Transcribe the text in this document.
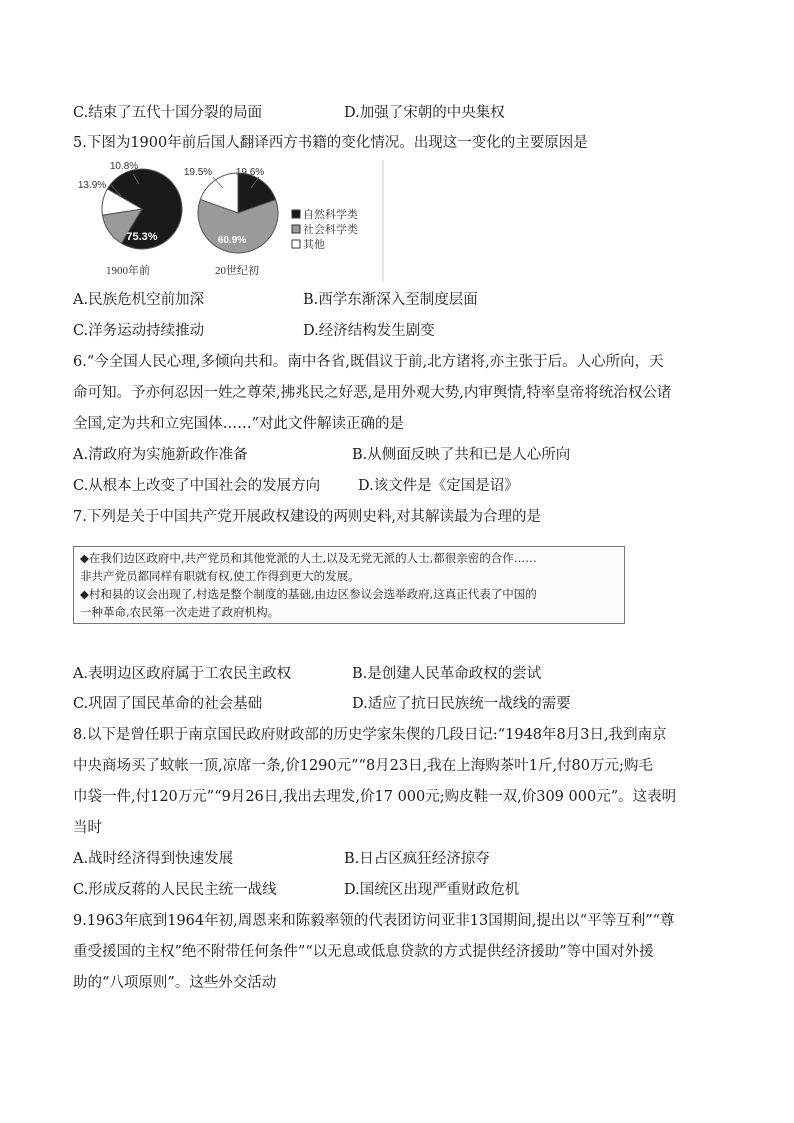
C.结束了五代十国分裂的局面	D.加强了宋朝的中央集权
5.下图为1900年前后国人翻译西方书籍的变化情况。出现这一变化的主要原因是
75.3%
13.9%
10.8%
19.6%
60.9%
19.5%
1900年前	20世纪初
自然科学类
社会科学类
其他
A.民族危机空前加深	B.西学东渐深入至制度层面
C.洋务运动持续推动	D.经济结构发生剧变
6.“今全国人民心理,多倾向共和。南中各省,既倡议于前,北方诸将,亦主张于后。人心所向，天
命可知。予亦何忍因一姓之尊荣,拂兆民之好恶,是用外观大势,内审舆情,特率皇帝将统治权公诸
全国,定为共和立宪国体……”对此文件解读正确的是
A.清政府为实施新政作准备	B.从侧面反映了共和已是人心所向
C.从根本上改变了中国社会的发展方向	D.该文件是《定国是诏》
7.下列是关于中国共产党开展政权建设的两则史料,对其解读最为合理的是
◆在我们边区政府中,共产党员和其他党派的人士,以及无党无派的人士,都很亲密的合作……
非共产党员都同样有职就有权,使工作得到更大的发展。
◆村和县的议会出现了,村选是整个制度的基础,由边区参议会选举政府,这真正代表了中国的
一种革命,农民第一次走进了政府机构。
A.表明边区政府属于工农民主政权	B.是创建人民革命政权的尝试
C.巩固了国民革命的社会基础	D.适应了抗日民族统一战线的需要
8.以下是曾任职于南京国民政府财政部的历史学家朱偰的几段日记:“1948年8月3日,我到南京
中央商场买了蚊帐一顶,凉席一条,价1290元”“8月23日,我在上海购茶叶1斤,付80万元;购毛
巾袋一件,付120万元”“9月26日,我出去理发,价17 000元;购皮鞋一双,价309 000元”。这表明
当时
A.战时经济得到快速发展	B.日占区疯狂经济掠夺
C.形成反蒋的人民民主统一战线	D.国统区出现严重财政危机
9.1963年底到1964年初,周恩来和陈毅率领的代表团访问亚非13国期间,提出以“平等互利”“尊
重受援国的主权”绝不附带任何条件”“以无息或低息贷款的方式提供经济援助”等中国对外援
助的“八项原则”。这些外交活动
